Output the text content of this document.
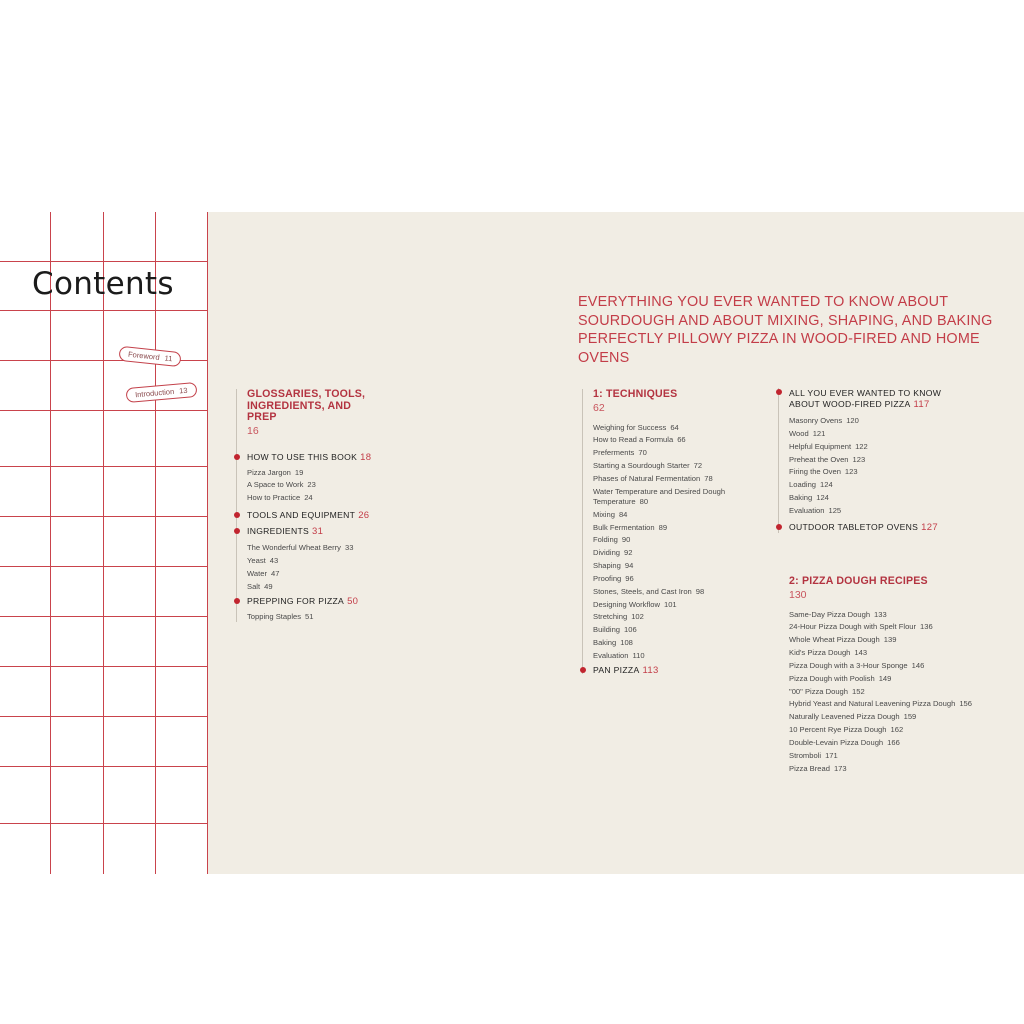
Contents
Foreword 11
Introduction 13

EVERYTHING YOU EVER WANTED TO KNOW ABOUT SOURDOUGH AND ABOUT MIXING, SHAPING, AND BAKING PERFECTLY PILLOWY PIZZA IN WOOD-FIRED AND HOME OVENS

GLOSSARIES, TOOLS, INGREDIENTS, AND PREP
16
HOW TO USE THIS BOOK 18
Pizza Jargon 19
A Space to Work 23
How to Practice 24
TOOLS AND EQUIPMENT 26
INGREDIENTS 31
The Wonderful Wheat Berry 33
Yeast 43
Water 47
Salt 49
PREPPING FOR PIZZA 50
Topping Staples 51
1: TECHNIQUES
62
Weighing for Success 64
How to Read a Formula 66
Preferments 70
Starting a Sourdough Starter 72
Phases of Natural Fermentation 78
Water Temperature and Desired Dough
Temperature 80
Mixing 84
Bulk Fermentation 89
Folding 90
Dividing 92
Shaping 94
Proofing 96
Stones, Steels, and Cast Iron 98
Designing Workflow 101
Stretching 102
Building 106
Baking 108
Evaluation 110
PAN PIZZA 113
ALL YOU EVER WANTED TO KNOW
ABOUT WOOD-FIRED PIZZA 117
Masonry Ovens 120
Wood 121
Helpful Equipment 122
Preheat the Oven 123
Firing the Oven 123
Loading 124
Baking 124
Evaluation 125
OUTDOOR TABLETOP OVENS 127
2: PIZZA DOUGH RECIPES
130
Same-Day Pizza Dough 133
24-Hour Pizza Dough with Spelt Flour 136
Whole Wheat Pizza Dough 139
Kid's Pizza Dough 143
Pizza Dough with a 3-Hour Sponge 146
Pizza Dough with Poolish 149
"00" Pizza Dough 152
Hybrid Yeast and Natural Leavening Pizza Dough 156
Naturally Leavened Pizza Dough 159
10 Percent Rye Pizza Dough 162
Double-Levain Pizza Dough 166
Stromboli 171
Pizza Bread 173
